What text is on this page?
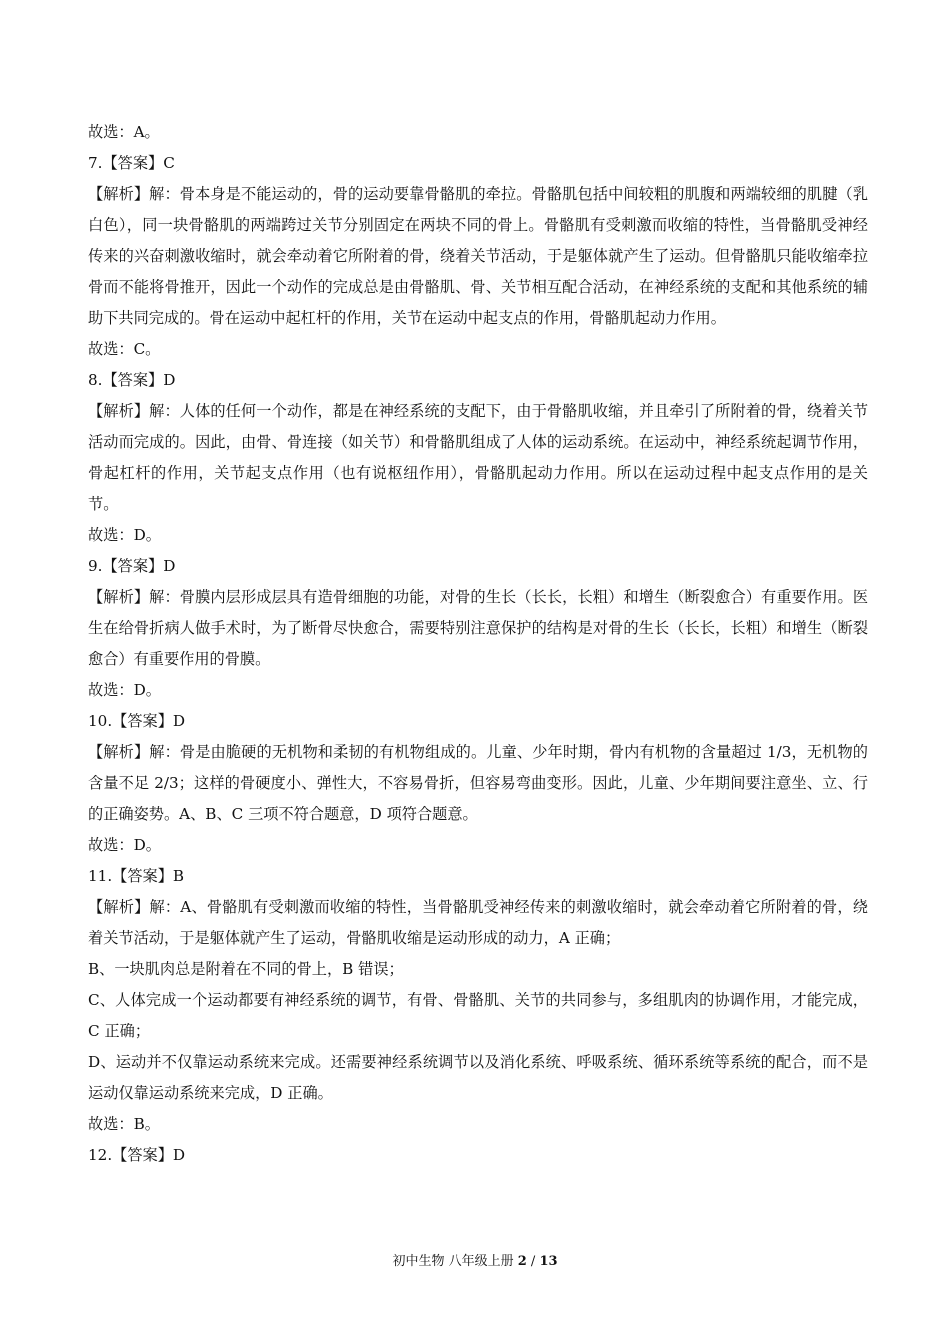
故选：A。
7.【答案】C
【解析】解：骨本身是不能运动的，骨的运动要靠骨骼肌的牵拉。骨骼肌包括中间较粗的肌腹和两端较细的肌腱（乳白色），同一块骨骼肌的两端跨过关节分别固定在两块不同的骨上。骨骼肌有受刺激而收缩的特性，当骨骼肌受神经传来的兴奋刺激收缩时，就会牵动着它所附着的骨，绕着关节活动，于是躯体就产生了运动。但骨骼肌只能收缩牵拉骨而不能将骨推开，因此一个动作的完成总是由骨骼肌、骨、关节相互配合活动，在神经系统的支配和其他系统的辅助下共同完成的。骨在运动中起杠杆的作用，关节在运动中起支点的作用，骨骼肌起动力作用。
故选：C。
8.【答案】D
【解析】解：人体的任何一个动作，都是在神经系统的支配下，由于骨骼肌收缩，并且牵引了所附着的骨，绕着关节活动而完成的。因此，由骨、骨连接（如关节）和骨骼肌组成了人体的运动系统。在运动中，神经系统起调节作用，骨起杠杆的作用，关节起支点作用（也有说枢纽作用），骨骼肌起动力作用。所以在运动过程中起支点作用的是关节。
故选：D。
9.【答案】D
【解析】解：骨膜内层形成层具有造骨细胞的功能，对骨的生长（长长，长粗）和增生（断裂愈合）有重要作用。医生在给骨折病人做手术时，为了断骨尽快愈合，需要特别注意保护的结构是对骨的生长（长长，长粗）和增生（断裂愈合）有重要作用的骨膜。
故选：D。
10.【答案】D
【解析】解：骨是由脆硬的无机物和柔韧的有机物组成的。儿童、少年时期，骨内有机物的含量超过 1/3，无机物的含量不足 2/3；这样的骨硬度小、弹性大，不容易骨折，但容易弯曲变形。因此，儿童、少年期间要注意坐、立、行的正确姿势。A、B、C 三项不符合题意，D 项符合题意。
故选：D。
11.【答案】B
【解析】解：A、骨骼肌有受刺激而收缩的特性，当骨骼肌受神经传来的刺激收缩时，就会牵动着它所附着的骨，绕着关节活动，于是躯体就产生了运动，骨骼肌收缩是运动形成的动力，A 正确；
B、一块肌肉总是附着在不同的骨上，B 错误；
C、人体完成一个运动都要有神经系统的调节，有骨、骨骼肌、关节的共同参与，多组肌肉的协调作用，才能完成，C 正确；
D、运动并不仅靠运动系统来完成。还需要神经系统调节以及消化系统、呼吸系统、循环系统等系统的配合，而不是运动仅靠运动系统来完成，D 正确。
故选：B。
12.【答案】D
初中生物 八年级上册 2 / 13
